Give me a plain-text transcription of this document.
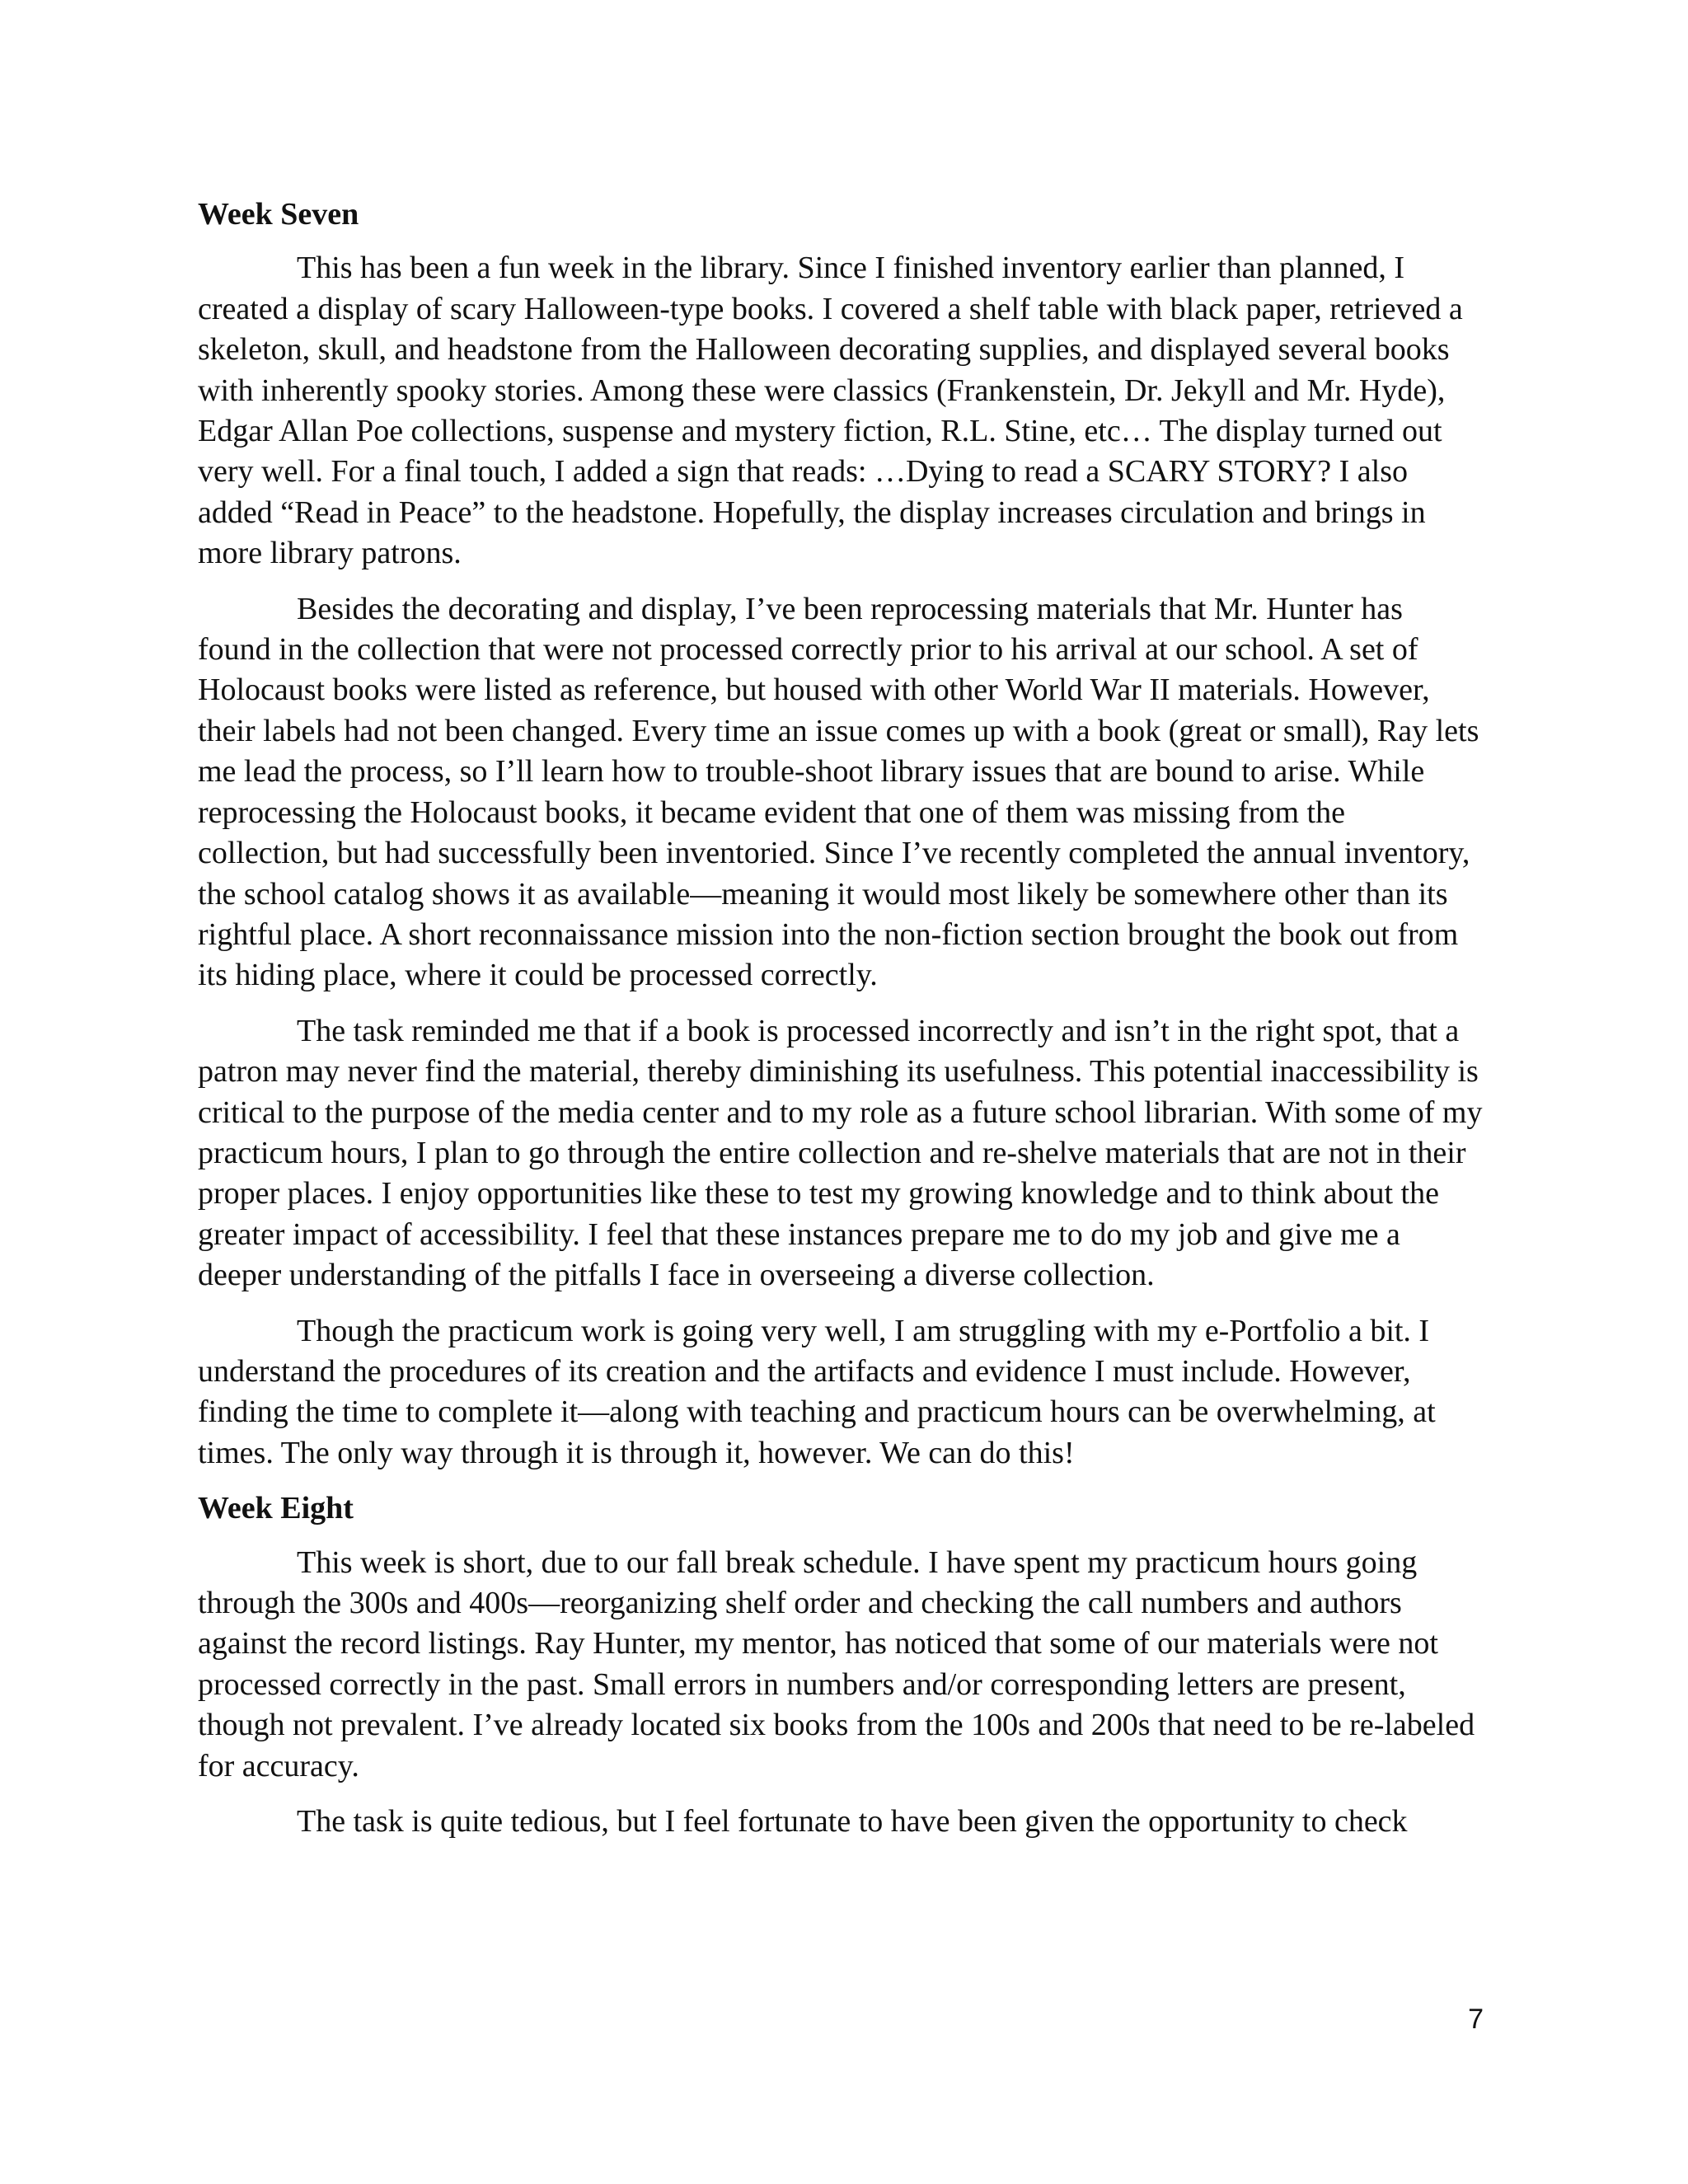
Week Seven

This has been a fun week in the library. Since I finished inventory earlier than planned, I created a display of scary Halloween-type books. I covered a shelf table with black paper, retrieved a skeleton, skull, and headstone from the Halloween decorating supplies, and displayed several books with inherently spooky stories. Among these were classics (Frankenstein, Dr. Jekyll and Mr. Hyde), Edgar Allan Poe collections, suspense and mystery fiction, R.L. Stine, etc… The display turned out very well. For a final touch, I added a sign that reads: …Dying to read a SCARY STORY? I also added “Read in Peace” to the headstone. Hopefully, the display increases circulation and brings in more library patrons.

Besides the decorating and display, I’ve been reprocessing materials that Mr. Hunter has found in the collection that were not processed correctly prior to his arrival at our school. A set of Holocaust books were listed as reference, but housed with other World War II materials. However, their labels had not been changed. Every time an issue comes up with a book (great or small), Ray lets me lead the process, so I’ll learn how to trouble-shoot library issues that are bound to arise. While reprocessing the Holocaust books, it became evident that one of them was missing from the collection, but had successfully been inventoried. Since I’ve recently completed the annual inventory, the school catalog shows it as available—meaning it would most likely be somewhere other than its rightful place. A short reconnaissance mission into the non-fiction section brought the book out from its hiding place, where it could be processed correctly.

The task reminded me that if a book is processed incorrectly and isn’t in the right spot, that a patron may never find the material, thereby diminishing its usefulness. This potential inaccessibility is critical to the purpose of the media center and to my role as a future school librarian. With some of my practicum hours, I plan to go through the entire collection and re-shelve materials that are not in their proper places. I enjoy opportunities like these to test my growing knowledge and to think about the greater impact of accessibility. I feel that these instances prepare me to do my job and give me a deeper understanding of the pitfalls I face in overseeing a diverse collection.

Though the practicum work is going very well, I am struggling with my e-Portfolio a bit. I understand the procedures of its creation and the artifacts and evidence I must include. However, finding the time to complete it—along with teaching and practicum hours can be overwhelming, at times. The only way through it is through it, however. We can do this!

Week Eight

This week is short, due to our fall break schedule. I have spent my practicum hours going through the 300s and 400s—reorganizing shelf order and checking the call numbers and authors against the record listings. Ray Hunter, my mentor, has noticed that some of our materials were not processed correctly in the past. Small errors in numbers and/or corresponding letters are present, though not prevalent. I’ve already located six books from the 100s and 200s that need to be re-labeled for accuracy.

The task is quite tedious, but I feel fortunate to have been given the opportunity to check

7
